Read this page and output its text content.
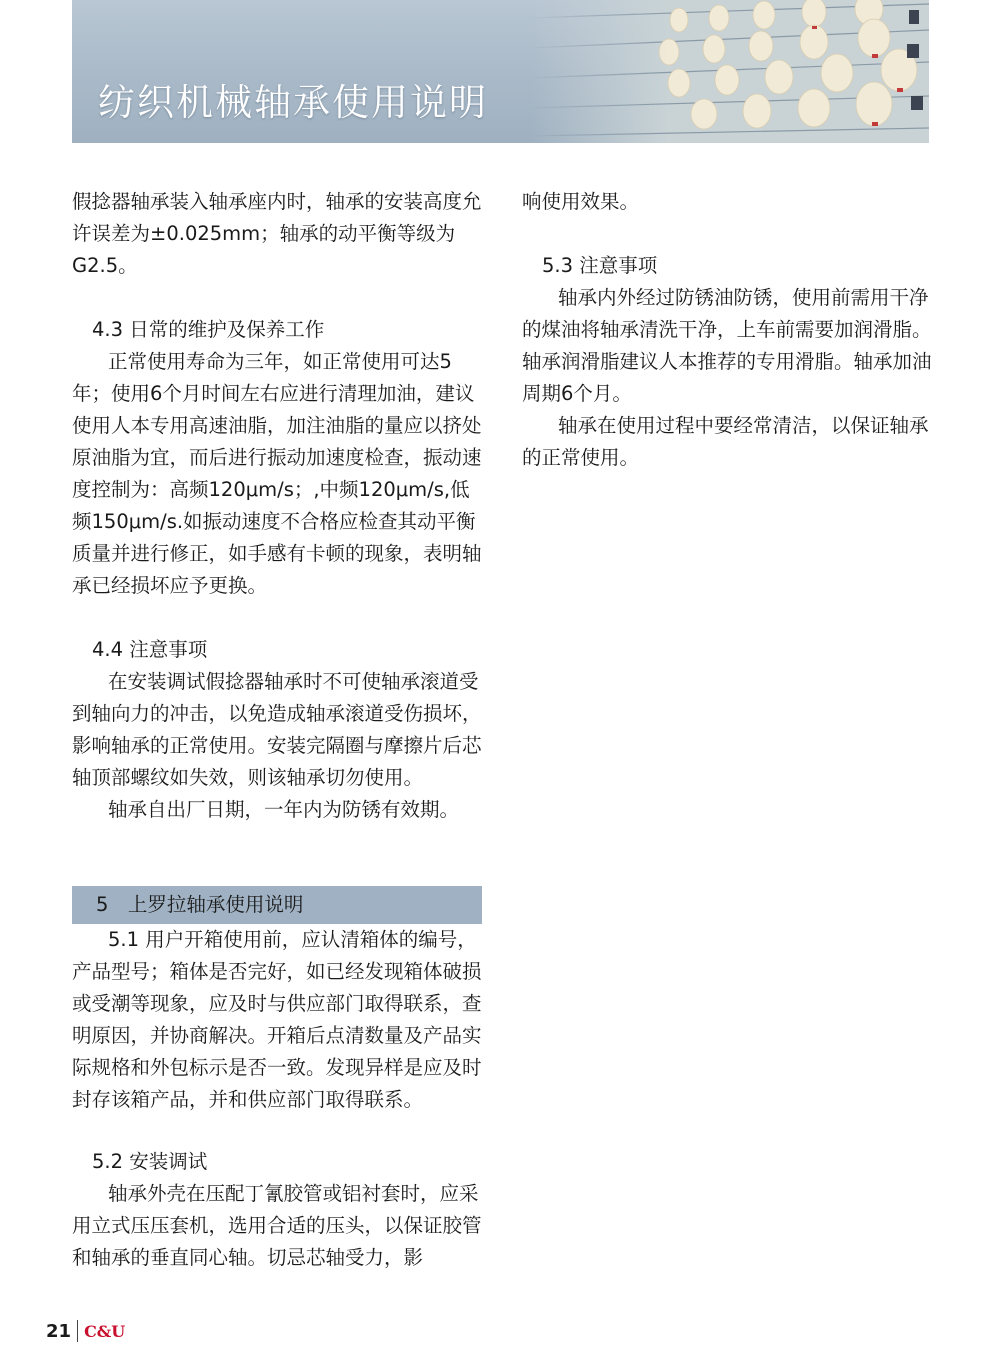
纺织机械轴承使用说明

假捻器轴承装入轴承座内时，轴承的安装高度允许误差为±0.025mm；轴承的动平衡等级为G2.5。

4.3 日常的维护及保养工作

正常使用寿命为三年，如正常使用可达5年；使用6个月时间左右应进行清理加油，建议使用人本专用高速油脂，加注油脂的量应以挤处原油脂为宜，而后进行振动加速度检查，振动速度控制为：高频120μm/s；,中频120μm/s,低频150μm/s.如振动速度不合格应检查其动平衡质量并进行修正，如手感有卡顿的现象，表明轴承已经损坏应予更换。

4.4 注意事项

在安装调试假捻器轴承时不可使轴承滚道受到轴向力的冲击，以免造成轴承滚道受伤损坏，影响轴承的正常使用。安装完隔圈与摩擦片后芯轴顶部螺纹如失效，则该轴承切勿使用。

轴承自出厂日期，一年内为防锈有效期。

5　上罗拉轴承使用说明

5.1 用户开箱使用前，应认清箱体的编号，产品型号；箱体是否完好，如已经发现箱体破损或受潮等现象，应及时与供应部门取得联系，查明原因，并协商解决。开箱后点清数量及产品实际规格和外包标示是否一致。发现异样是应及时封存该箱产品，并和供应部门取得联系。

5.2 安装调试

轴承外壳在压配丁氰胶管或铝衬套时，应采用立式压压套机，选用合适的压头，以保证胶管和轴承的垂直同心轴。切忌芯轴受力，影

响使用效果。

5.3 注意事项

轴承内外经过防锈油防锈，使用前需用干净的煤油将轴承清洗干净，上车前需要加润滑脂。轴承润滑脂建议人本推荐的专用滑脂。轴承加油周期6个月。

轴承在使用过程中要经常清洁，以保证轴承的正常使用。

21 C&U
